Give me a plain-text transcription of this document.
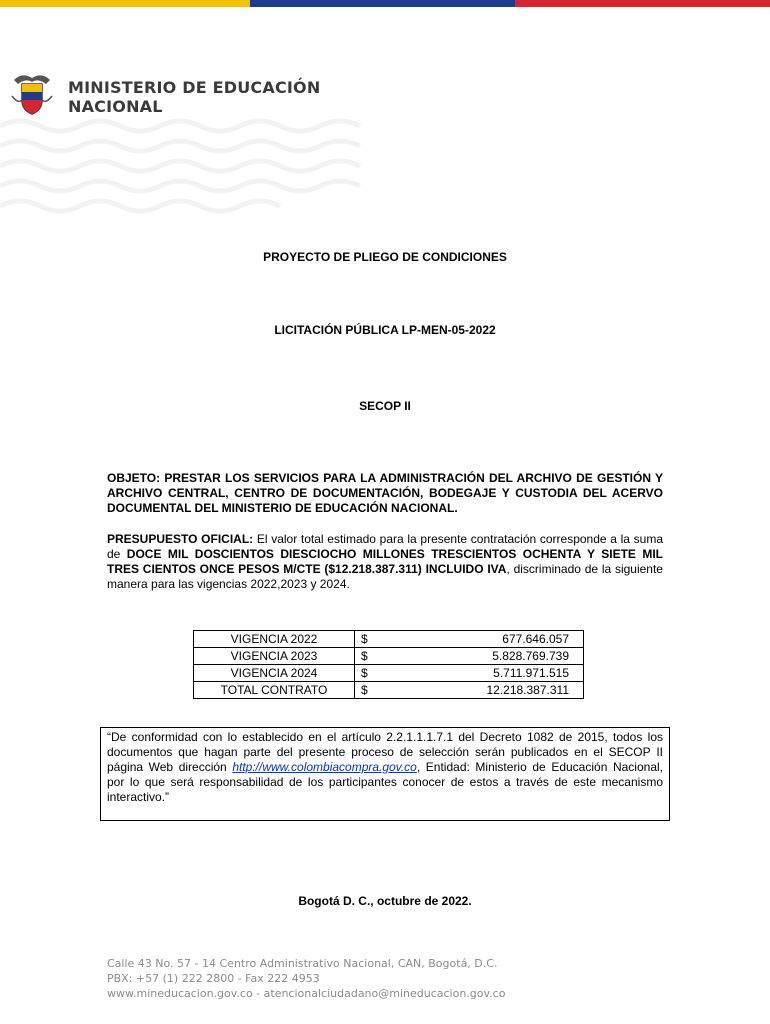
MINISTERIO DE EDUCACIÓN
NACIONAL
PROYECTO DE PLIEGO DE CONDICIONES
LICITACIÓN PÚBLICA LP-MEN-05-2022
SECOP II
OBJETO: PRESTAR LOS SERVICIOS PARA LA ADMINISTRACIÓN DEL ARCHIVO DE GESTIÓN Y ARCHIVO CENTRAL, CENTRO DE DOCUMENTACIÓN, BODEGAJE Y CUSTODIA DEL ACERVO DOCUMENTAL DEL MINISTERIO DE EDUCACIÓN NACIONAL.
PRESUPUESTO OFICIAL: El valor total estimado para la presente contratación corresponde a la suma de DOCE MIL DOSCIENTOS DIESCIOCHO MILLONES TRESCIENTOS OCHENTA Y SIETE MIL TRES CIENTOS ONCE PESOS M/CTE ($12.218.387.311) INCLUIDO IVA, discriminado de la siguiente manera para las vigencias 2022,2023 y 2024.
VIGENCIA 2022	$	677.646.057
VIGENCIA 2023	$	5.828.769.739
VIGENCIA 2024	$	5.711.971.515
TOTAL CONTRATO	$	12.218.387.311
“De conformidad con lo establecido en el artículo 2.2.1.1.1.7.1 del Decreto 1082 de 2015, todos los documentos que hagan parte del presente proceso de selección serán publicados en el SECOP II página Web dirección http://www.colombiacompra.gov.co, Entidad: Ministerio de Educación Nacional, por lo que será responsabilidad de los participantes conocer de estos a través de este mecanismo interactivo.”
Bogotá D. C., octubre de 2022.
Calle 43 No. 57 - 14 Centro Administrativo Nacional, CAN, Bogotá, D.C.
PBX: +57 (1) 222 2800 - Fax 222 4953
www.mineducacion.gov.co - atencionalciudadano@mineducacion.gov.co
